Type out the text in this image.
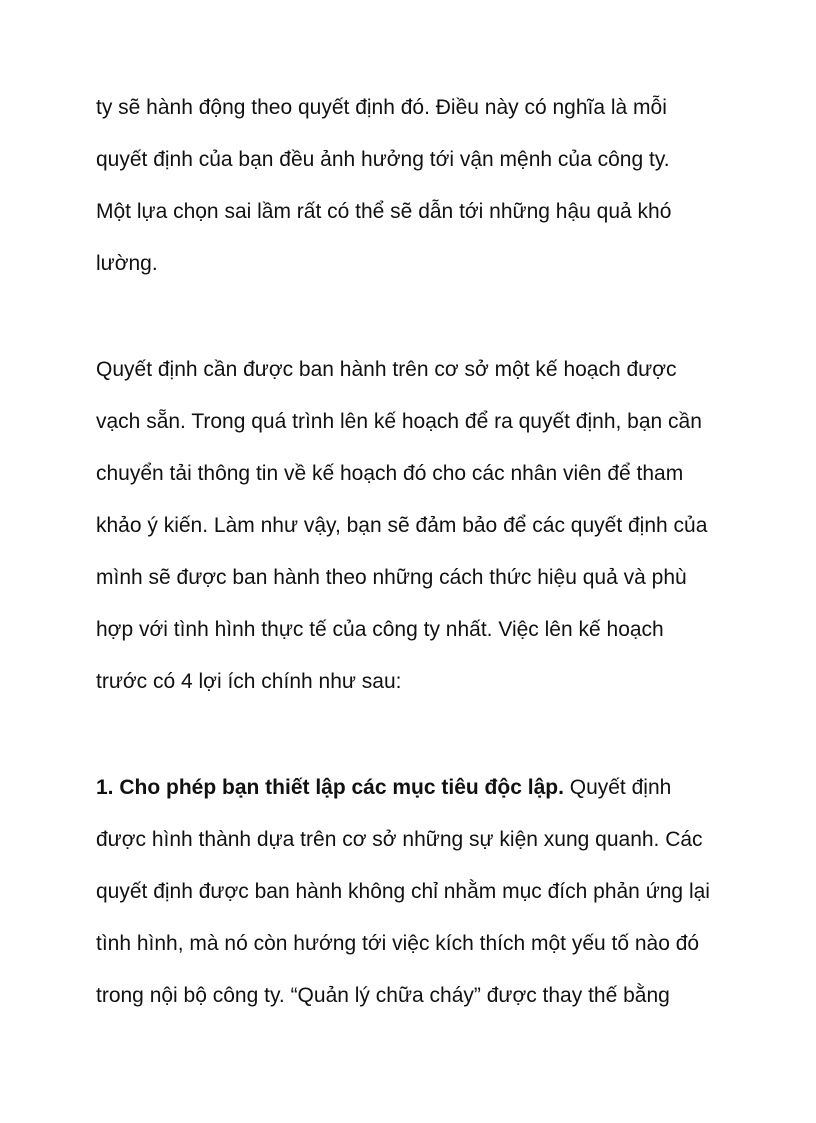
ty sẽ hành động theo quyết định đó. Điều này có nghĩa là mỗi
quyết định của bạn đều ảnh hưởng tới vận mệnh của công ty.
Một lựa chọn sai lầm rất có thể sẽ dẫn tới những hậu quả khó
lường.
Quyết định cần được ban hành trên cơ sở một kế hoạch được
vạch sẵn. Trong quá trình lên kế hoạch để ra quyết định, bạn cần
chuyển tải thông tin về kế hoạch đó cho các nhân viên để tham
khảo ý kiến. Làm như vậy, bạn sẽ đảm bảo để các quyết định của
mình sẽ được ban hành theo những cách thức hiệu quả và phù
hợp với tình hình thực tế của công ty nhất. Việc lên kế hoạch
trước có 4 lợi ích chính như sau:
1. Cho phép bạn thiết lập các mục tiêu độc lập. Quyết định
được hình thành dựa trên cơ sở những sự kiện xung quanh. Các
quyết định được ban hành không chỉ nhằm mục đích phản ứng lại
tình hình, mà nó còn hướng tới việc kích thích một yếu tố nào đó
trong nội bộ công ty. “Quản lý chữa cháy” được thay thế bằng
